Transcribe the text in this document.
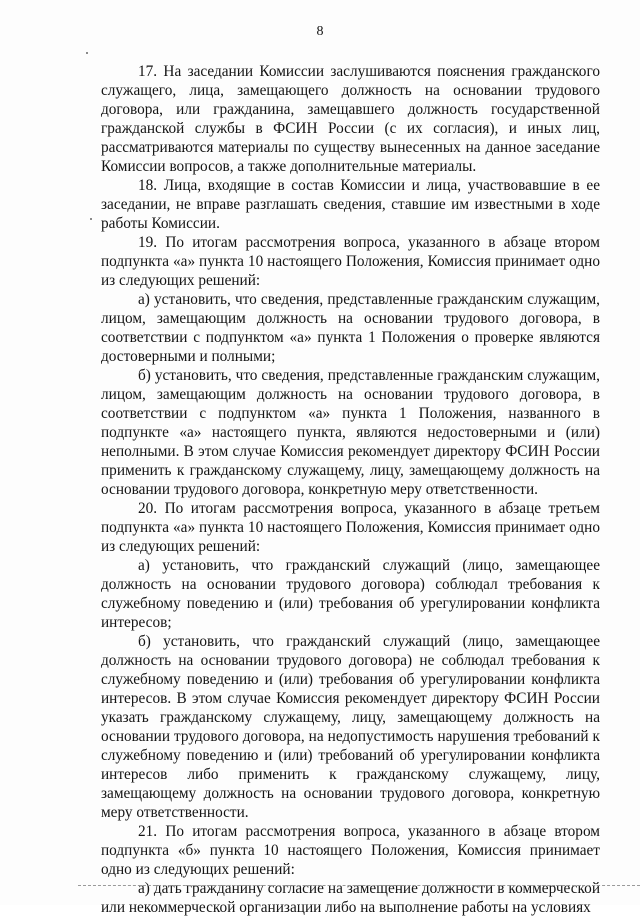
8

17. На заседании Комиссии заслушиваются пояснения гражданского служащего, лица, замещающего должность на основании трудового договора, или гражданина, замещавшего должность государственной гражданской службы в ФСИН России (с их согласия), и иных лиц, рассматриваются материалы по существу вынесенных на данное заседание Комиссии вопросов, а также дополнительные материалы.

18. Лица, входящие в состав Комиссии и лица, участвовавшие в ее заседании, не вправе разглашать сведения, ставшие им известными в ходе работы Комиссии.

19. По итогам рассмотрения вопроса, указанного в абзаце втором подпункта «а» пункта 10 настоящего Положения, Комиссия принимает одно из следующих решений:

а) установить, что сведения, представленные гражданским служащим, лицом, замещающим должность на основании трудового договора, в соответствии с подпунктом «а» пункта 1 Положения о проверке являются достоверными и полными;

б) установить, что сведения, представленные гражданским служащим, лицом, замещающим должность на основании трудового договора, в соответствии с подпунктом «а» пункта 1 Положения, названного в подпункте «а» настоящего пункта, являются недостоверными и (или) неполными. В этом случае Комиссия рекомендует директору ФСИН России применить к гражданскому служащему, лицу, замещающему должность на основании трудового договора, конкретную меру ответственности.

20. По итогам рассмотрения вопроса, указанного в абзаце третьем подпункта «а» пункта 10 настоящего Положения, Комиссия принимает одно из следующих решений:

а) установить, что гражданский служащий (лицо, замещающее должность на основании трудового договора) соблюдал требования к служебному поведению и (или) требования об урегулировании конфликта интересов;

б) установить, что гражданский служащий (лицо, замещающее должность на основании трудового договора) не соблюдал требования к служебному поведению и (или) требования об урегулировании конфликта интересов. В этом случае Комиссия рекомендует директору ФСИН России указать гражданскому служащему, лицу, замещающему должность на основании трудового договора, на недопустимость нарушения требований к служебному поведению и (или) требований об урегулировании конфликта интересов либо применить к гражданскому служащему, лицу, замещающему должность на основании трудового договора, конкретную меру ответственности.

21. По итогам рассмотрения вопроса, указанного в абзаце втором подпункта «б» пункта 10 настоящего Положения, Комиссия принимает одно из следующих решений:

а) дать гражданину согласие на замещение должности в коммерческой или некоммерческой организации либо на выполнение работы на условиях
